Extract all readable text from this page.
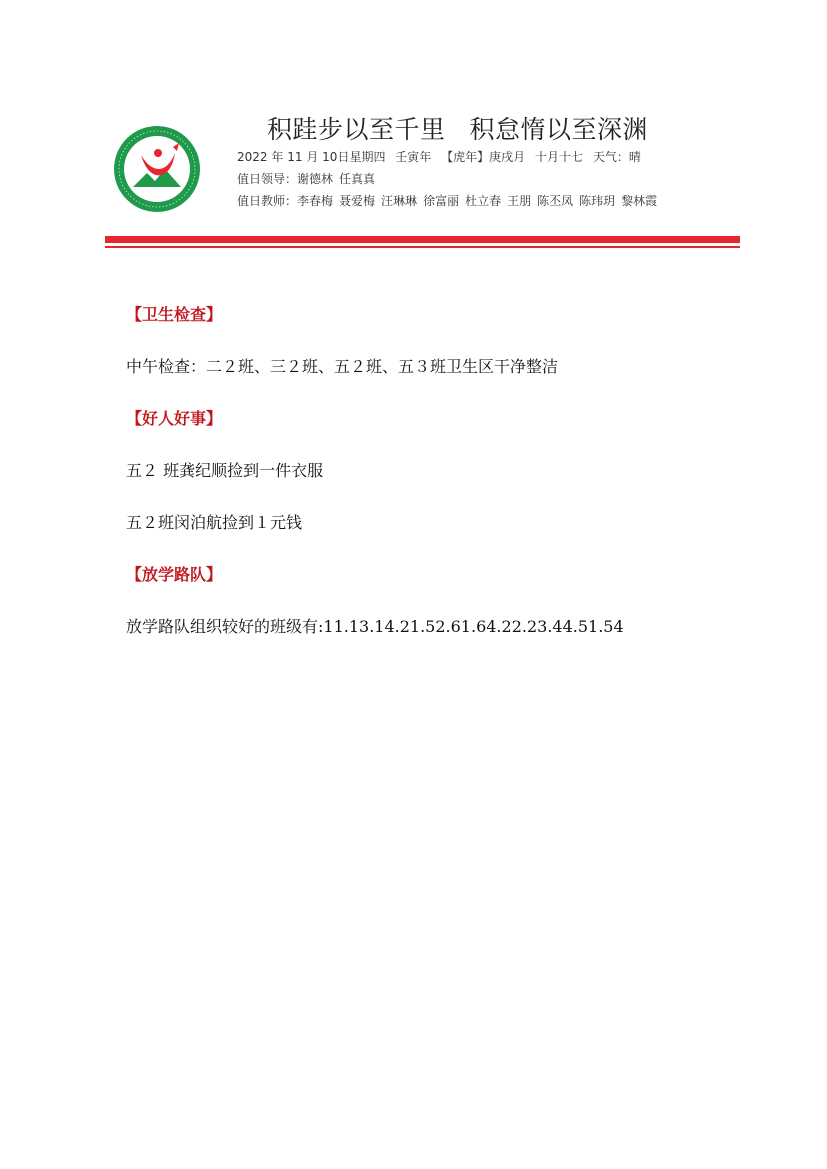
积跬步以至千里 积怠惰以至深渊
2022 年 11 月 10日星期四 壬寅年 【虎年】庚戌月 十月十七 天气：晴
值日领导：谢德林 任真真
值日教师：李春梅 聂爱梅 汪琳琳 徐富丽 杜立春 王朋 陈丕凤 陈玮玥 黎林霞
【卫生检查】
中午检查：二２班、三２班、五２班、五３班卫生区干净整洁
【好人好事】
五２ 班龚纪顺捡到一件衣服
五２班闵泊航捡到１元钱
【放学路队】
放学路队组织较好的班级有:11.13.14.21.52.61.64.22.23.44.51.54
